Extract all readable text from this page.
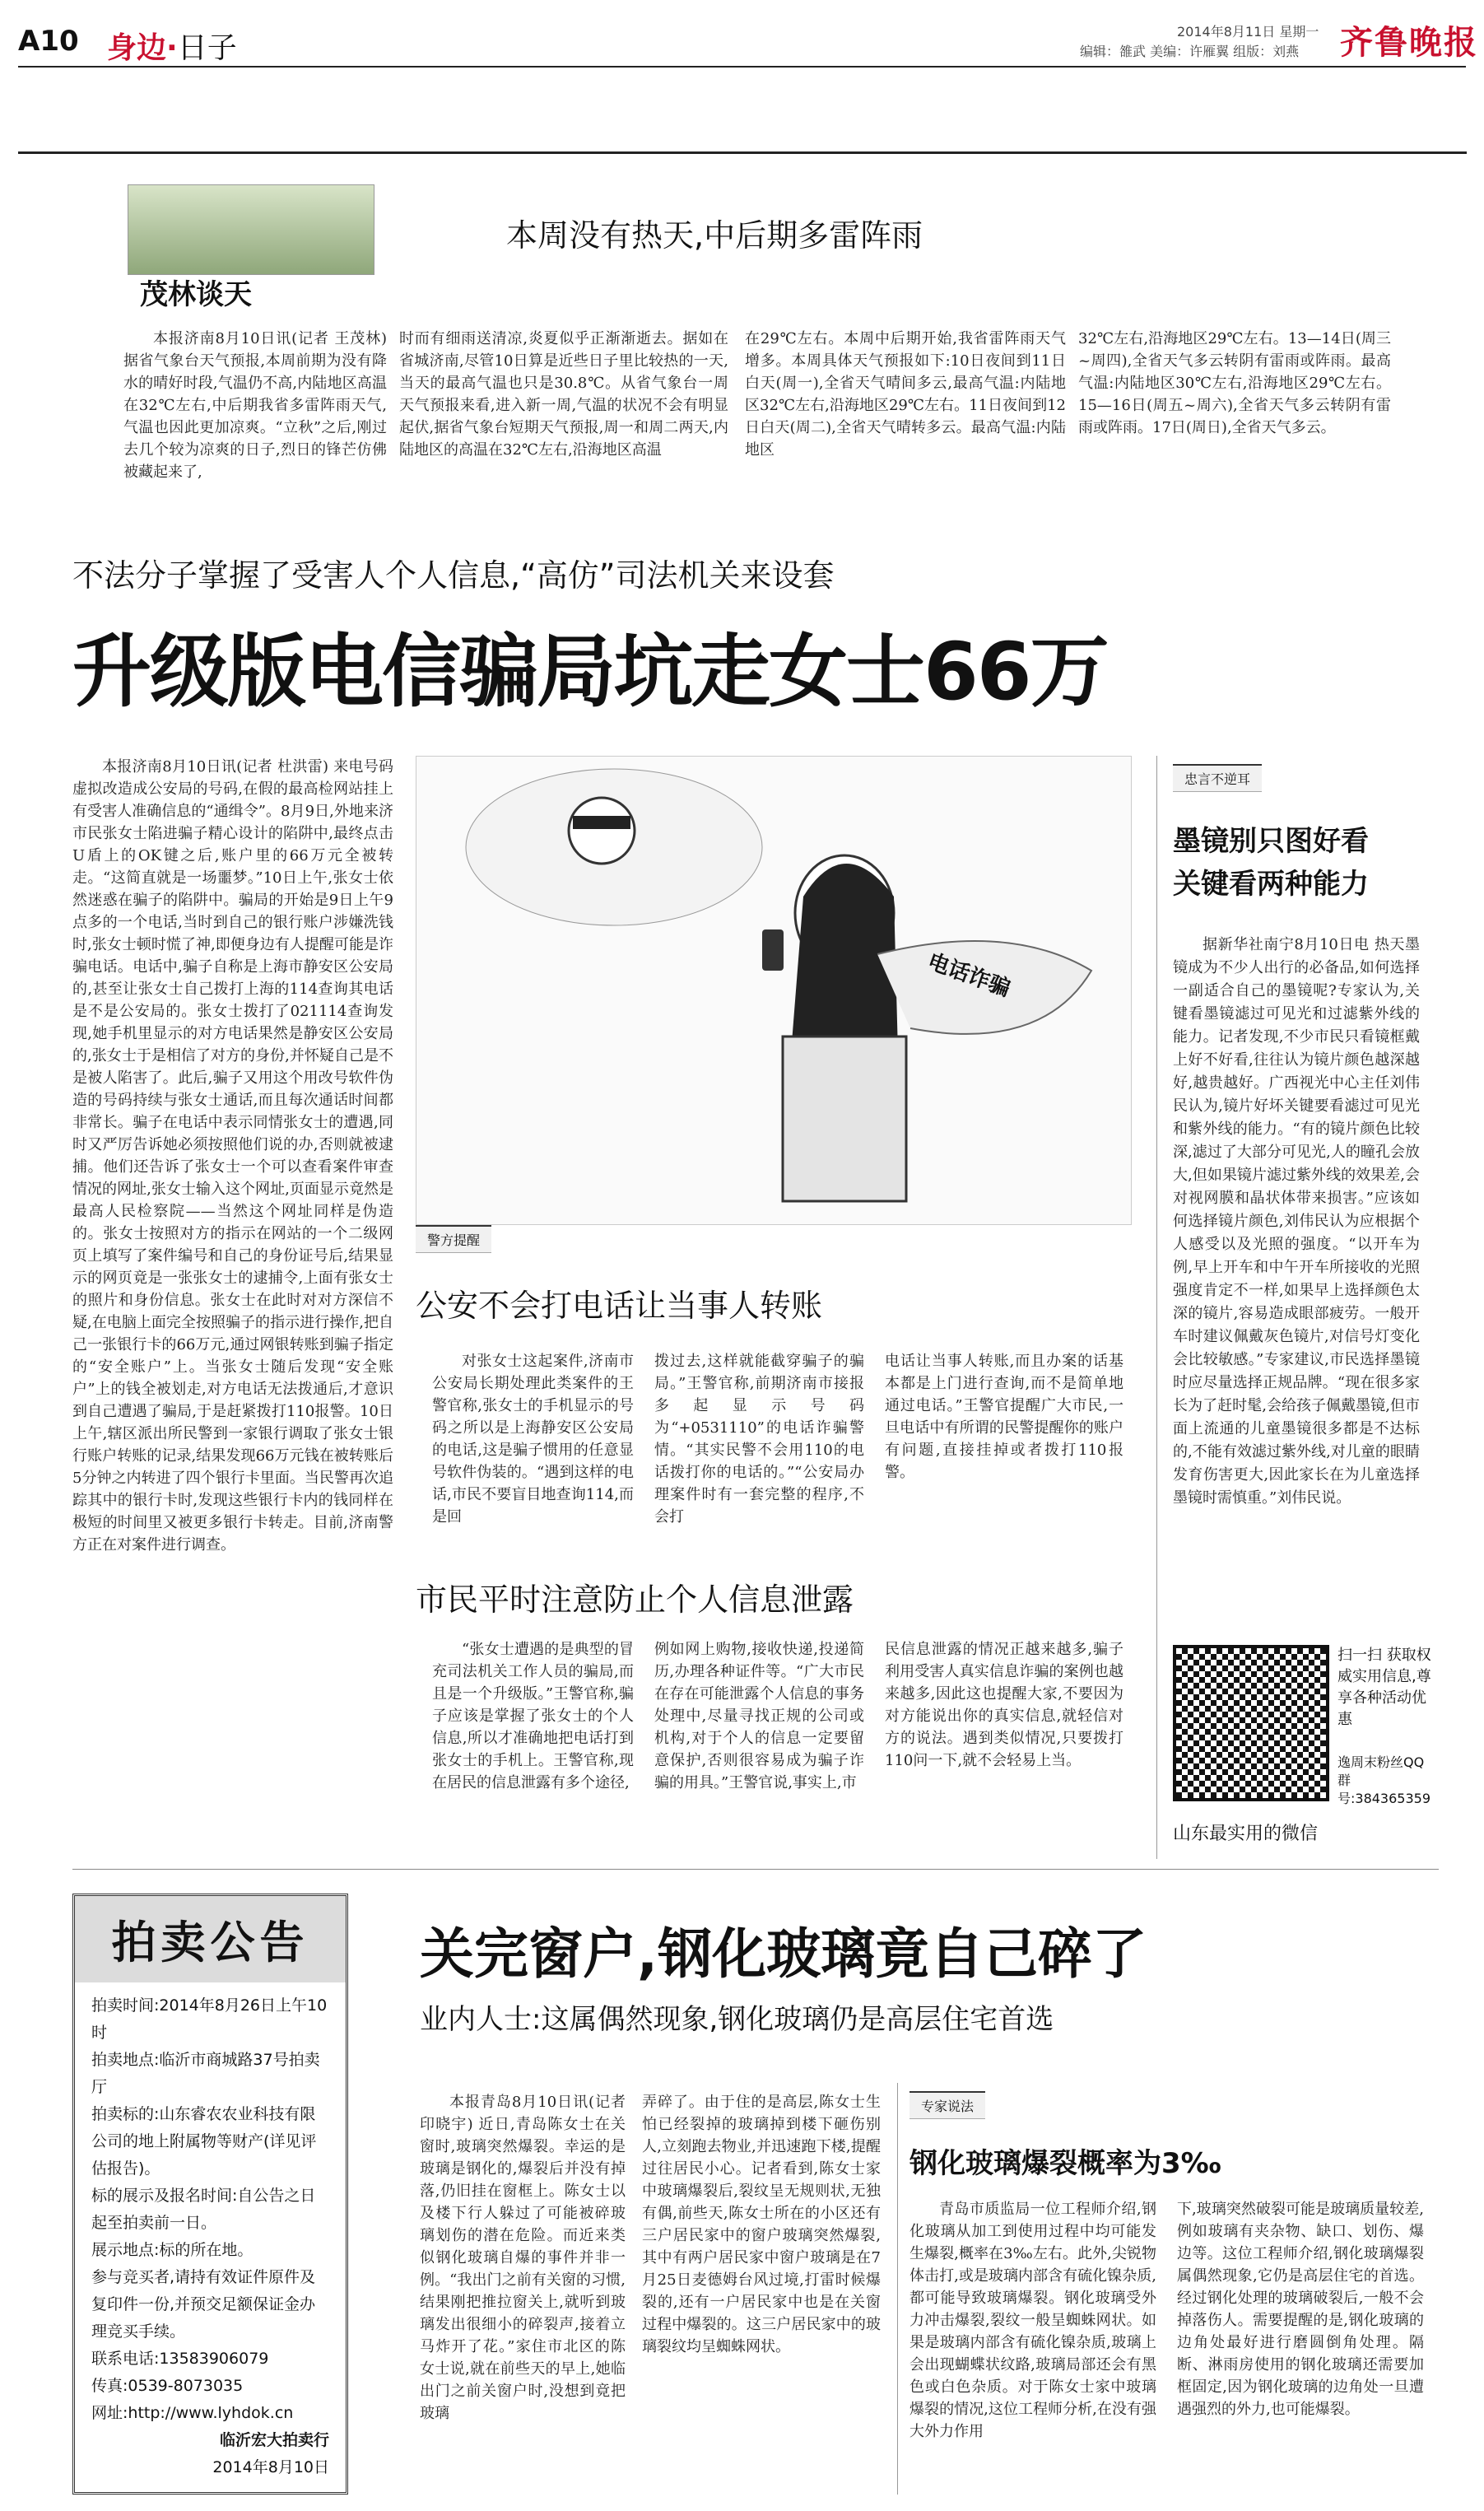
A10 身边·日子	2014年8月11日 星期一
编辑：雒武 美编：许雁翼 组版：刘燕 齐鲁晚报
茂林谈天
本周没有热天,中后期多雷阵雨

本报济南8月10日讯(记者 王茂林) 据省气象台天气预报,本周前期为没有降水的晴好时段,气温仍不高,内陆地区高温在32℃左右,中后期我省多雷阵雨天气,气温也因此更加凉爽。“立秋”之后,刚过去几个较为凉爽的日子,烈日的锋芒仿佛被藏起来了,

时而有细雨送清凉,炎夏似乎正渐渐逝去。据如在省城济南,尽管10日算是近些日子里比较热的一天,当天的最高气温也只是30.8℃。从省气象台一周天气预报来看,进入新一周,气温的状况不会有明显起伏,据省气象台短期天气预报,周一和周二两天,内陆地区的高温在32℃左右,沿海地区高温

在29℃左右。本周中后期开始,我省雷阵雨天气增多。本周具体天气预报如下:10日夜间到11日白天(周一),全省天气晴间多云,最高气温:内陆地区32℃左右,沿海地区29℃左右。11日夜间到12日白天(周二),全省天气晴转多云。最高气温:内陆地区

32℃左右,沿海地区29℃左右。13—14日(周三~周四),全省天气多云转阴有雷雨或阵雨。最高气温:内陆地区30℃左右,沿海地区29℃左右。15—16日(周五~周六),全省天气多云转阴有雷雨或阵雨。17日(周日),全省天气多云。

不法分子掌握了受害人个人信息,“高仿”司法机关来设套
升级版电信骗局坑走女士66万

本报济南8月10日讯(记者 杜洪雷) 来电号码虚拟改造成公安局的号码,在假的最高检网站挂上有受害人准确信息的“通缉令”。8月9日,外地来济市民张女士陷进骗子精心设计的陷阱中,最终点击U盾上的OK键之后,账户里的66万元全被转走。“这简直就是一场噩梦。”10日上午,张女士依然迷惑在骗子的陷阱中。骗局的开始是9日上午9点多的一个电话,当时到自己的银行账户涉嫌洗钱时,张女士顿时慌了神,即便身边有人提醒可能是诈骗电话。电话中,骗子自称是上海市静安区公安局的,甚至让张女士自己拨打上海的114查询其电话是不是公安局的。张女士拨打了021114查询发现,她手机里显示的对方电话果然是静安区公安局的,张女士于是相信了对方的身份,并怀疑自己是不是被人陷害了。此后,骗子又用这个用改号软件伪造的号码持续与张女士通话,而且每次通话时间都非常长。骗子在电话中表示同情张女士的遭遇,同时又严厉告诉她必须按照他们说的办,否则就被逮捕。他们还告诉了张女士一个可以查看案件审查情况的网址,张女士输入这个网址,页面显示竟然是最高人民检察院——当然这个网址同样是伪造的。张女士按照对方的指示在网站的一个二级网页上填写了案件编号和自己的身份证号后,结果显示的网页竟是一张张女士的逮捕令,上面有张女士的照片和身份信息。张女士在此时对对方深信不疑,在电脑上面完全按照骗子的指示进行操作,把自己一张银行卡的66万元,通过网银转账到骗子指定的“安全账户”上。当张女士随后发现“安全账户”上的钱全被划走,对方电话无法拨通后,才意识到自己遭遇了骗局,于是赶紧拨打110报警。10日上午,辖区派出所民警到一家银行调取了张女士银行账户转账的记录,结果发现66万元钱在被转账后5分钟之内转进了四个银行卡里面。当民警再次追踪其中的银行卡时,发现这些银行卡内的钱同样在极短的时间里又被更多银行卡转走。目前,济南警方正在对案件进行调查。

电话诈骗
警方提醒
公安不会打电话让当事人转账

对张女士这起案件,济南市公安局长期处理此类案件的王警官称,张女士的手机显示的号码之所以是上海静安区公安局的电话,这是骗子惯用的任意显号软件伪装的。“遇到这样的电话,市民不要盲目地查询114,而是回

拨过去,这样就能截穿骗子的骗局。”王警官称,前期济南市接报多起显示号码为“+0531110”的电话诈骗警情。“其实民警不会用110的电话拨打你的电话的。”“公安局办理案件时有一套完整的程序,不会打

电话让当事人转账,而且办案的话基本都是上门进行查询,而不是简单地通过电话。”王警官提醒广大市民,一旦电话中有所谓的民警提醒你的账户有问题,直接挂掉或者拨打110报警。

市民平时注意防止个人信息泄露

“张女士遭遇的是典型的冒充司法机关工作人员的骗局,而且是一个升级版。”王警官称,骗子应该是掌握了张女士的个人信息,所以才准确地把电话打到张女士的手机上。王警官称,现在居民的信息泄露有多个途径,

例如网上购物,接收快递,投递简历,办理各种证件等。“广大市民在存在可能泄露个人信息的事务处理中,尽量寻找正规的公司或机构,对于个人的信息一定要留意保护,否则很容易成为骗子诈骗的用具。”王警官说,事实上,市

民信息泄露的情况正越来越多,骗子利用受害人真实信息诈骗的案例也越来越多,因此这也提醒大家,不要因为对方能说出你的真实信息,就轻信对方的说法。遇到类似情况,只要拨打110问一下,就不会轻易上当。

忠言不逆耳
墨镜别只图好看
关键看两种能力

据新华社南宁8月10日电 热天墨镜成为不少人出行的必备品,如何选择一副适合自己的墨镜呢?专家认为,关键看墨镜滤过可见光和过滤紫外线的能力。记者发现,不少市民只看镜框戴上好不好看,往往认为镜片颜色越深越好,越贵越好。广西视光中心主任刘伟民认为,镜片好坏关键要看滤过可见光和紫外线的能力。“有的镜片颜色比较深,滤过了大部分可见光,人的瞳孔会放大,但如果镜片滤过紫外线的效果差,会对视网膜和晶状体带来损害。”应该如何选择镜片颜色,刘伟民认为应根据个人感受以及光照的强度。“以开车为例,早上开车和中午开车所接收的光照强度肯定不一样,如果早上选择颜色太深的镜片,容易造成眼部疲劳。一般开车时建议佩戴灰色镜片,对信号灯变化会比较敏感。”专家建议,市民选择墨镜时应尽量选择正规品牌。“现在很多家长为了赶时髦,会给孩子佩戴墨镜,但市面上流通的儿童墨镜很多都是不达标的,不能有效滤过紫外线,对儿童的眼睛发育伤害更大,因此家长在为儿童选择墨镜时需慎重。”刘伟民说。

扫一扫 获取权威实用信息,尊享各种活动优惠
逸周末粉丝QQ群号:384365359
山东最实用的微信
拍卖公告
拍卖时间:2014年8月26日上午10时
拍卖地点:临沂市商城路37号拍卖厅
拍卖标的:山东睿农农业科技有限公司的地上附属物等财产(详见评估报告)。
标的展示及报名时间:自公告之日起至拍卖前一日。
展示地点:标的所在地。
参与竞买者,请持有效证件原件及复印件一份,并预交足额保证金办理竞买手续。
联系电话:13583906079
传真:0539-8073035
网址:http://www.lyhdok.cn
临沂宏大拍卖行
2014年8月10日
关完窗户,钢化玻璃竟自己碎了
业内人士:这属偶然现象,钢化玻璃仍是高层住宅首选

本报青岛8月10日讯(记者 印晓宇) 近日,青岛陈女士在关窗时,玻璃突然爆裂。幸运的是玻璃是钢化的,爆裂后并没有掉落,仍旧挂在窗框上。陈女士以及楼下行人躲过了可能被碎玻璃划伤的潜在危险。而近来类似钢化玻璃自爆的事件并非一例。“我出门之前有关窗的习惯,结果刚把推拉窗关上,就听到玻璃发出很细小的碎裂声,接着立马炸开了花。”家住市北区的陈女士说,就在前些天的早上,她临出门之前关窗户时,没想到竟把玻璃

弄碎了。由于住的是高层,陈女士生怕已经裂掉的玻璃掉到楼下砸伤别人,立刻跑去物业,并迅速跑下楼,提醒过往居民小心。记者看到,陈女士家中玻璃爆裂后,裂纹呈无规则状,无独有偶,前些天,陈女士所在的小区还有三户居民家中的窗户玻璃突然爆裂,其中有两户居民家中窗户玻璃是在7月25日麦德姆台风过境,打雷时候爆裂的,还有一户居民家中也是在关窗过程中爆裂的。这三户居民家中的玻璃裂纹均呈蜘蛛网状。

专家说法
钢化玻璃爆裂概率为3‰

青岛市质监局一位工程师介绍,钢化玻璃从加工到使用过程中均可能发生爆裂,概率在3‰左右。此外,尖锐物体击打,或是玻璃内部含有硫化镍杂质,都可能导致玻璃爆裂。钢化玻璃受外力冲击爆裂,裂纹一般呈蜘蛛网状。如果是玻璃内部含有硫化镍杂质,玻璃上会出现蝴蝶状纹路,玻璃局部还会有黑色或白色杂质。对于陈女士家中玻璃爆裂的情况,这位工程师分析,在没有强大外力作用

下,玻璃突然破裂可能是玻璃质量较差,例如玻璃有夹杂物、缺口、划伤、爆边等。这位工程师介绍,钢化玻璃爆裂属偶然现象,它仍是高层住宅的首选。经过钢化处理的玻璃破裂后,一般不会掉落伤人。需要提醒的是,钢化玻璃的边角处最好进行磨圆倒角处理。隔断、淋雨房使用的钢化玻璃还需要加框固定,因为钢化玻璃的边角处一旦遭遇强烈的外力,也可能爆裂。
